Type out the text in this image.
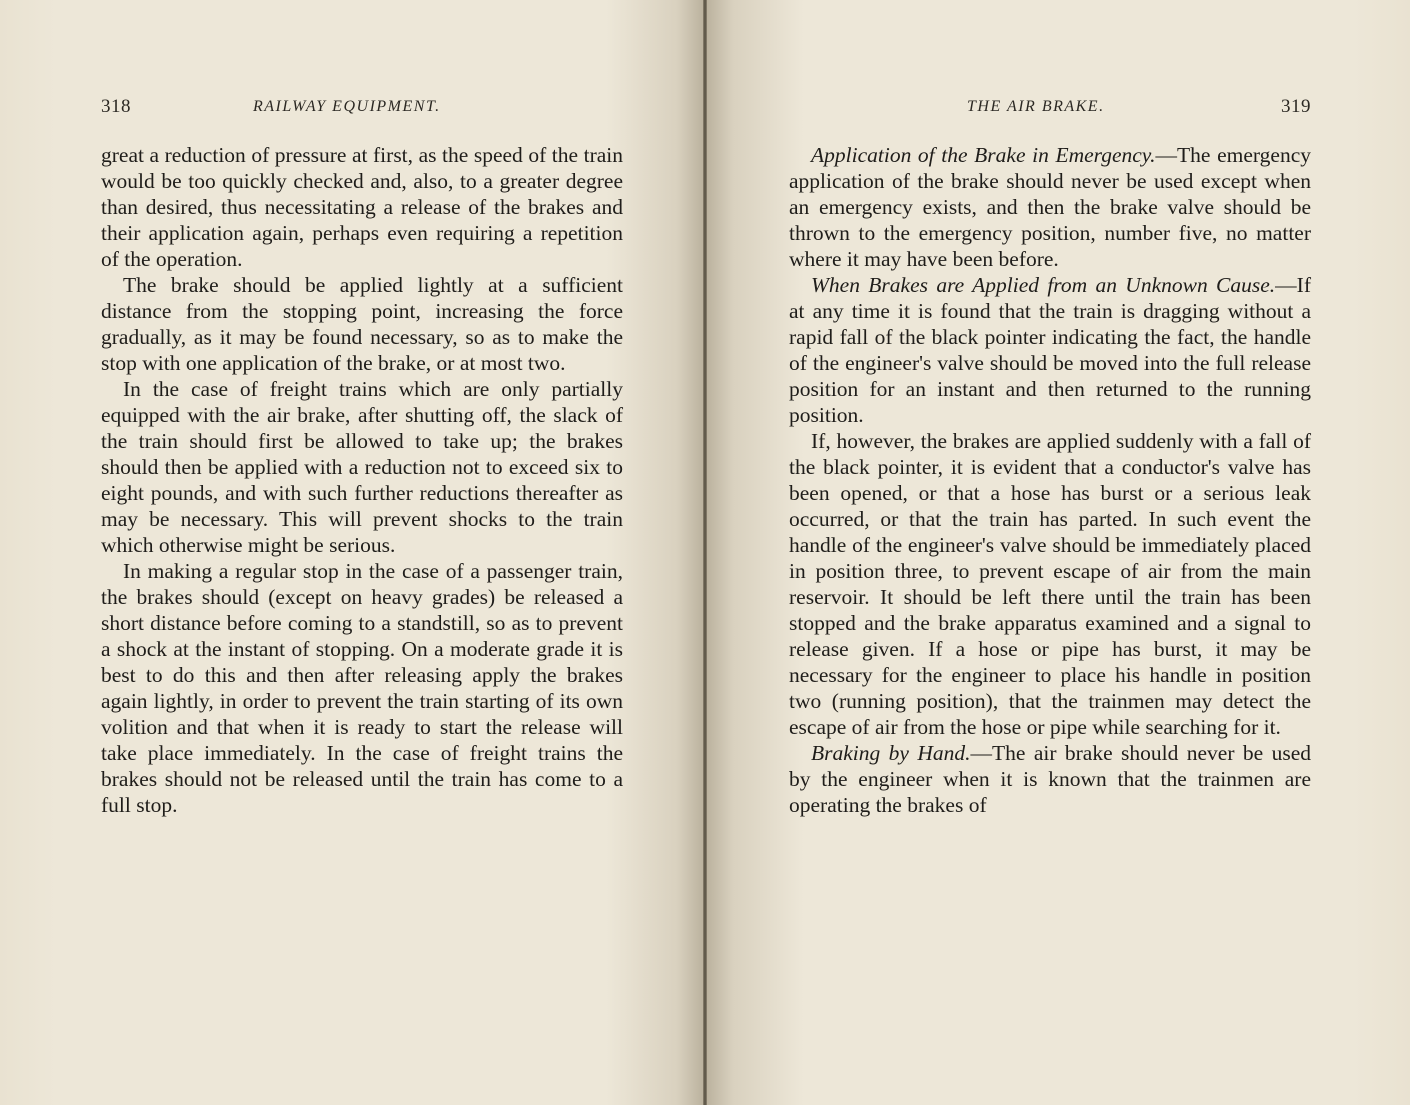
318	RAILWAY EQUIPMENT.

great a reduction of pressure at first, as the speed of the train would be too quickly checked and, also, to a greater degree than desired, thus necessitating a release of the brakes and their application again, perhaps even requiring a repetition of the operation.

The brake should be applied lightly at a sufficient distance from the stopping point, increasing the force gradually, as it may be found necessary, so as to make the stop with one application of the brake, or at most two.

In the case of freight trains which are only partially equipped with the air brake, after shutting off, the slack of the train should first be allowed to take up; the brakes should then be applied with a reduction not to exceed six to eight pounds, and with such further reductions thereafter as may be necessary. This will prevent shocks to the train which otherwise might be serious.

In making a regular stop in the case of a passenger train, the brakes should (except on heavy grades) be released a short distance before coming to a standstill, so as to prevent a shock at the instant of stopping. On a moderate grade it is best to do this and then after releasing apply the brakes again lightly, in order to prevent the train starting of its own volition and that when it is ready to start the release will take place immediately. In the case of freight trains the brakes should not be released until the train has come to a full stop.

THE AIR BRAKE.	319

Application of the Brake in Emergency.—The emergency application of the brake should never be used except when an emergency exists, and then the brake valve should be thrown to the emergency position, number five, no matter where it may have been before.

When Brakes are Applied from an Unknown Cause.—If at any time it is found that the train is dragging without a rapid fall of the black pointer indicating the fact, the handle of the engineer's valve should be moved into the full release position for an instant and then returned to the running position.

If, however, the brakes are applied suddenly with a fall of the black pointer, it is evident that a conductor's valve has been opened, or that a hose has burst or a serious leak occurred, or that the train has parted. In such event the handle of the engineer's valve should be immediately placed in position three, to prevent escape of air from the main reservoir. It should be left there until the train has been stopped and the brake apparatus examined and a signal to release given. If a hose or pipe has burst, it may be necessary for the engineer to place his handle in position two (running position), that the trainmen may detect the escape of air from the hose or pipe while searching for it.

Braking by Hand.—The air brake should never be used by the engineer when it is known that the trainmen are operating the brakes of
